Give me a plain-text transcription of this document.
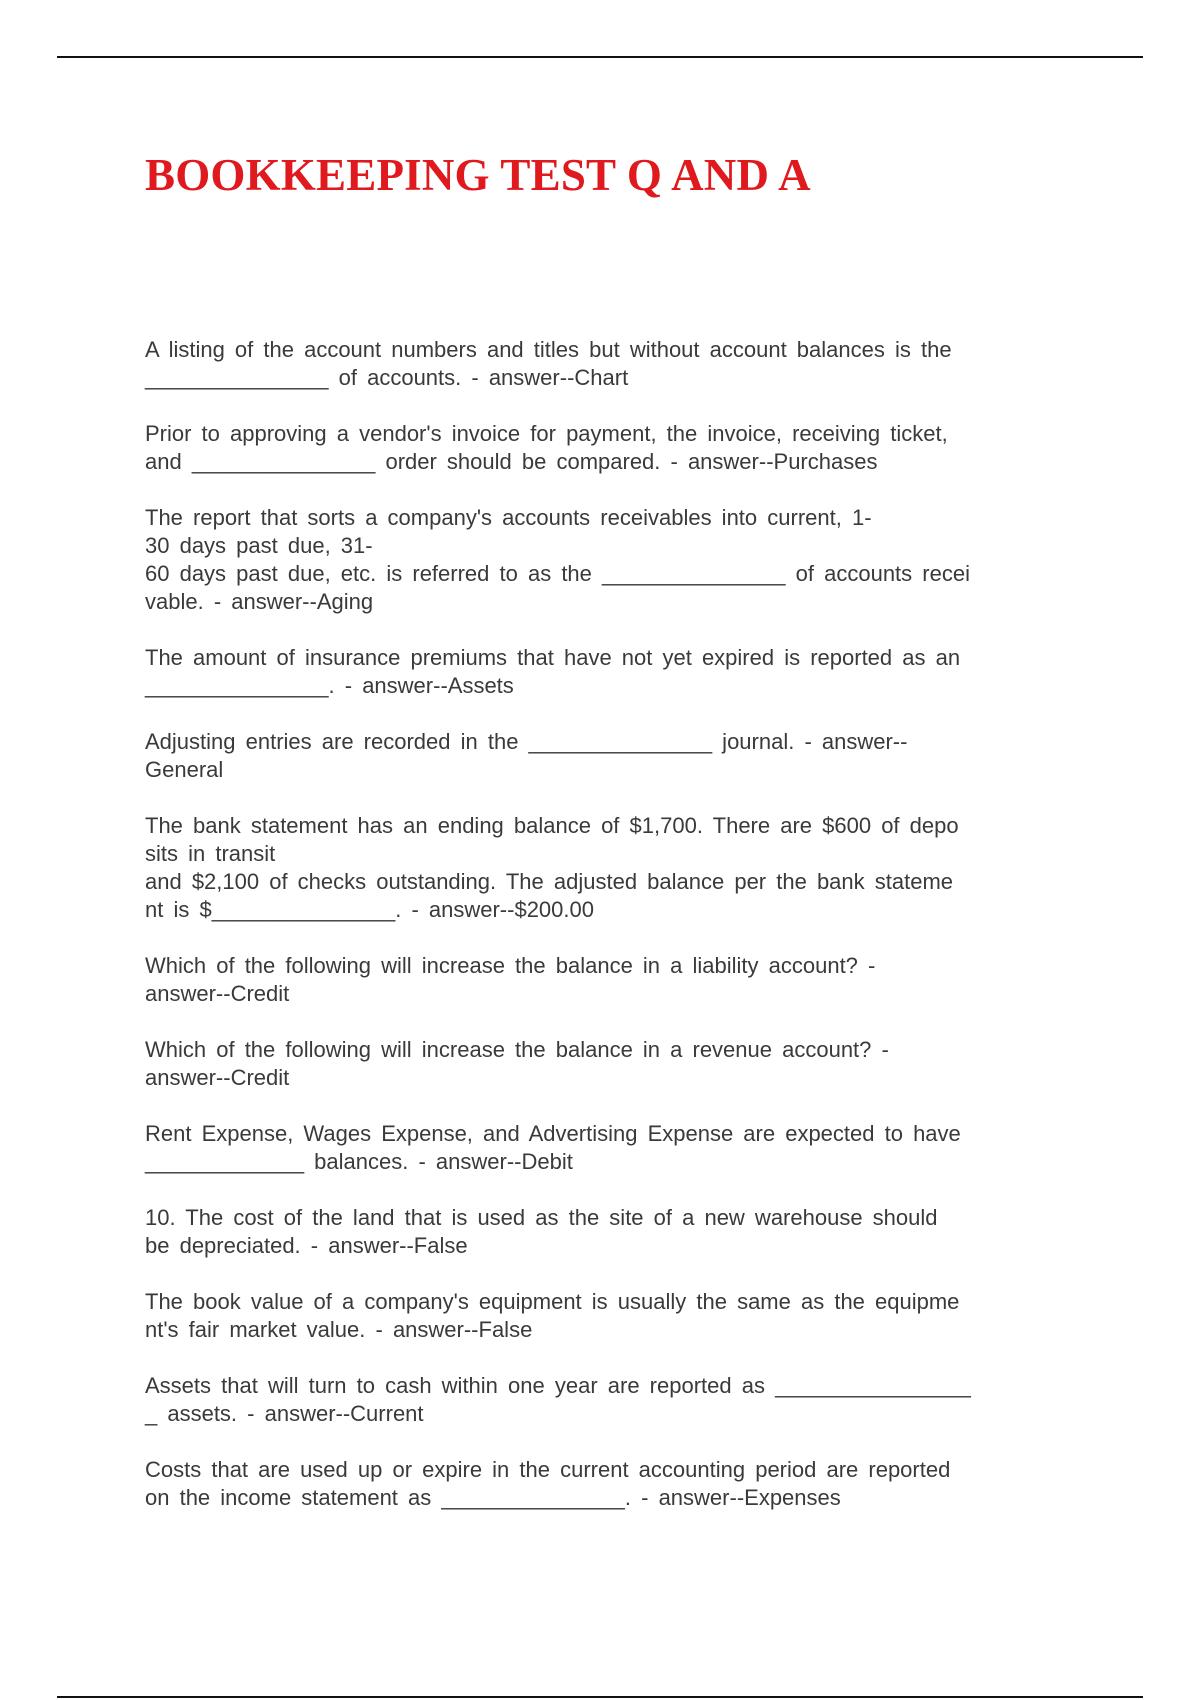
BOOKKEEPING TEST Q AND A

A listing of the account numbers and titles but without account balances is the
_______________ of accounts. - answer--Chart

Prior to approving a vendor's invoice for payment, the invoice, receiving ticket,
and _______________ order should be compared. - answer--Purchases

The report that sorts a company's accounts receivables into current, 1-
30 days past due, 31-
60 days past due, etc. is referred to as the _______________ of accounts recei
vable. - answer--Aging

The amount of insurance premiums that have not yet expired is reported as an
_______________. - answer--Assets

Adjusting entries are recorded in the _______________ journal. - answer--
General

The bank statement has an ending balance of $1,700. There are $600 of depo
sits in transit
and $2,100 of checks outstanding. The adjusted balance per the bank stateme
nt is $_______________. - answer--$200.00

Which of the following will increase the balance in a liability account? -
answer--Credit

Which of the following will increase the balance in a revenue account? -
answer--Credit

Rent Expense, Wages Expense, and Advertising Expense are expected to have
_____________ balances. - answer--Debit

10. The cost of the land that is used as the site of a new warehouse should
be depreciated. - answer--False

The book value of a company's equipment is usually the same as the equipme
nt's fair market value. - answer--False

Assets that will turn to cash within one year are reported as ________________
_ assets. - answer--Current

Costs that are used up or expire in the current accounting period are reported
on the income statement as _______________. - answer--Expenses
